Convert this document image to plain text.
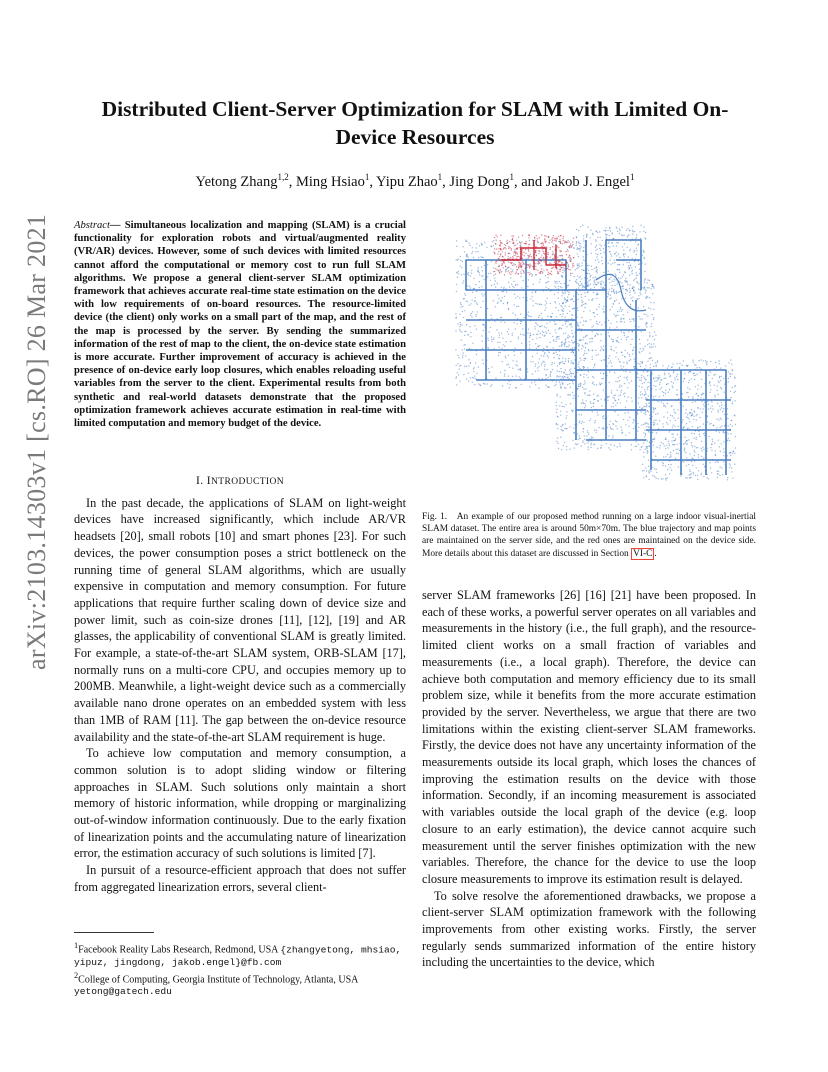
arXiv:2103.14303v1 [cs.RO] 26 Mar 2021
Distributed Client-Server Optimization for SLAM with Limited On-Device Resources
Yetong Zhang$^{1,2}$, Ming Hsiao$^1$, Yipu Zhao$^1$, Jing Dong$^1$, and Jakob J. Engel$^1$
Abstract— Simultaneous localization and mapping (SLAM) is a crucial functionality for exploration robots and virtual/augmented reality (VR/AR) devices. However, some of such devices with limited resources cannot afford the computational or memory cost to run full SLAM algorithms. We propose a general client-server SLAM optimization framework that achieves accurate real-time state estimation on the device with low requirements of on-board resources. The resource-limited device (the client) only works on a small part of the map, and the rest of the map is processed by the server. By sending the summarized information of the rest of map to the client, the on-device state estimation is more accurate. Further improvement of accuracy is achieved in the presence of on-device early loop closures, which enables reloading useful variables from the server to the client. Experimental results from both synthetic and real-world datasets demonstrate that the proposed optimization framework achieves accurate estimation in real-time with limited computation and memory budget of the device.
I. INTRODUCTION

In the past decade, the applications of SLAM on light-weight devices have increased significantly, which include AR/VR headsets [20], small robots [10] and smart phones [23]. For such devices, the power consumption poses a strict bottleneck on the running time of general SLAM algorithms, which are usually expensive in computation and memory consumption. For future applications that require further scaling down of device size and power limit, such as coin-size drones [11], [12], [19] and AR glasses, the applicability of conventional SLAM is greatly limited. For example, a state-of-the-art SLAM system, ORB-SLAM [17], normally runs on a multi-core CPU, and occupies memory up to 200MB. Meanwhile, a light-weight device such as a commercially available nano drone operates on an embedded system with less than 1MB of RAM [11]. The gap between the on-device resource availability and the state-of-the-art SLAM requirement is huge.

To achieve low computation and memory consumption, a common solution is to adopt sliding window or filtering approaches in SLAM. Such solutions only maintain a short memory of historic information, while dropping or marginalizing out-of-window information continuously. Due to the early fixation of linearization points and the accumulating nature of linearization error, the estimation accuracy of such solutions is limited [7].

In pursuit of a resource-efficient approach that does not suffer from aggregated linearization errors, several client-

$^1$Facebook Reality Labs Research, Redmond, USA {zhangyetong, mhsiao, yipuz, jingdong, jakob.engel}@fb.com
$^2$College of Computing, Georgia Institute of Technology, Atlanta, USA yetong@gatech.edu
Fig. 1. An example of our proposed method running on a large indoor visual-inertial SLAM dataset. The entire area is around 50m×70m. The blue trajectory and map points are maintained on the server side, and the red ones are maintained on the device side. More details about this dataset are discussed in Section VI-C .

server SLAM frameworks [26] [16] [21] have been proposed. In each of these works, a powerful server operates on all variables and measurements in the history (i.e., the full graph), and the resource-limited client works on a small fraction of variables and measurements (i.e., a local graph). Therefore, the device can achieve both computation and memory efficiency due to its small problem size, while it benefits from the more accurate estimation provided by the server. Nevertheless, we argue that there are two limitations within the existing client-server SLAM frameworks. Firstly, the device does not have any uncertainty information of the measurements outside its local graph, which loses the chances of improving the estimation results on the device with those information. Secondly, if an incoming measurement is associated with variables outside the local graph of the device (e.g. loop closure to an early estimation), the device cannot acquire such measurement until the server finishes optimization with the new variables. Therefore, the chance for the device to use the loop closure measurements to improve its estimation result is delayed.

To solve resolve the aforementioned drawbacks, we propose a client-server SLAM optimization framework with the following improvements from other existing works. Firstly, the server regularly sends summarized information of the entire history including the uncertainties to the device, which
